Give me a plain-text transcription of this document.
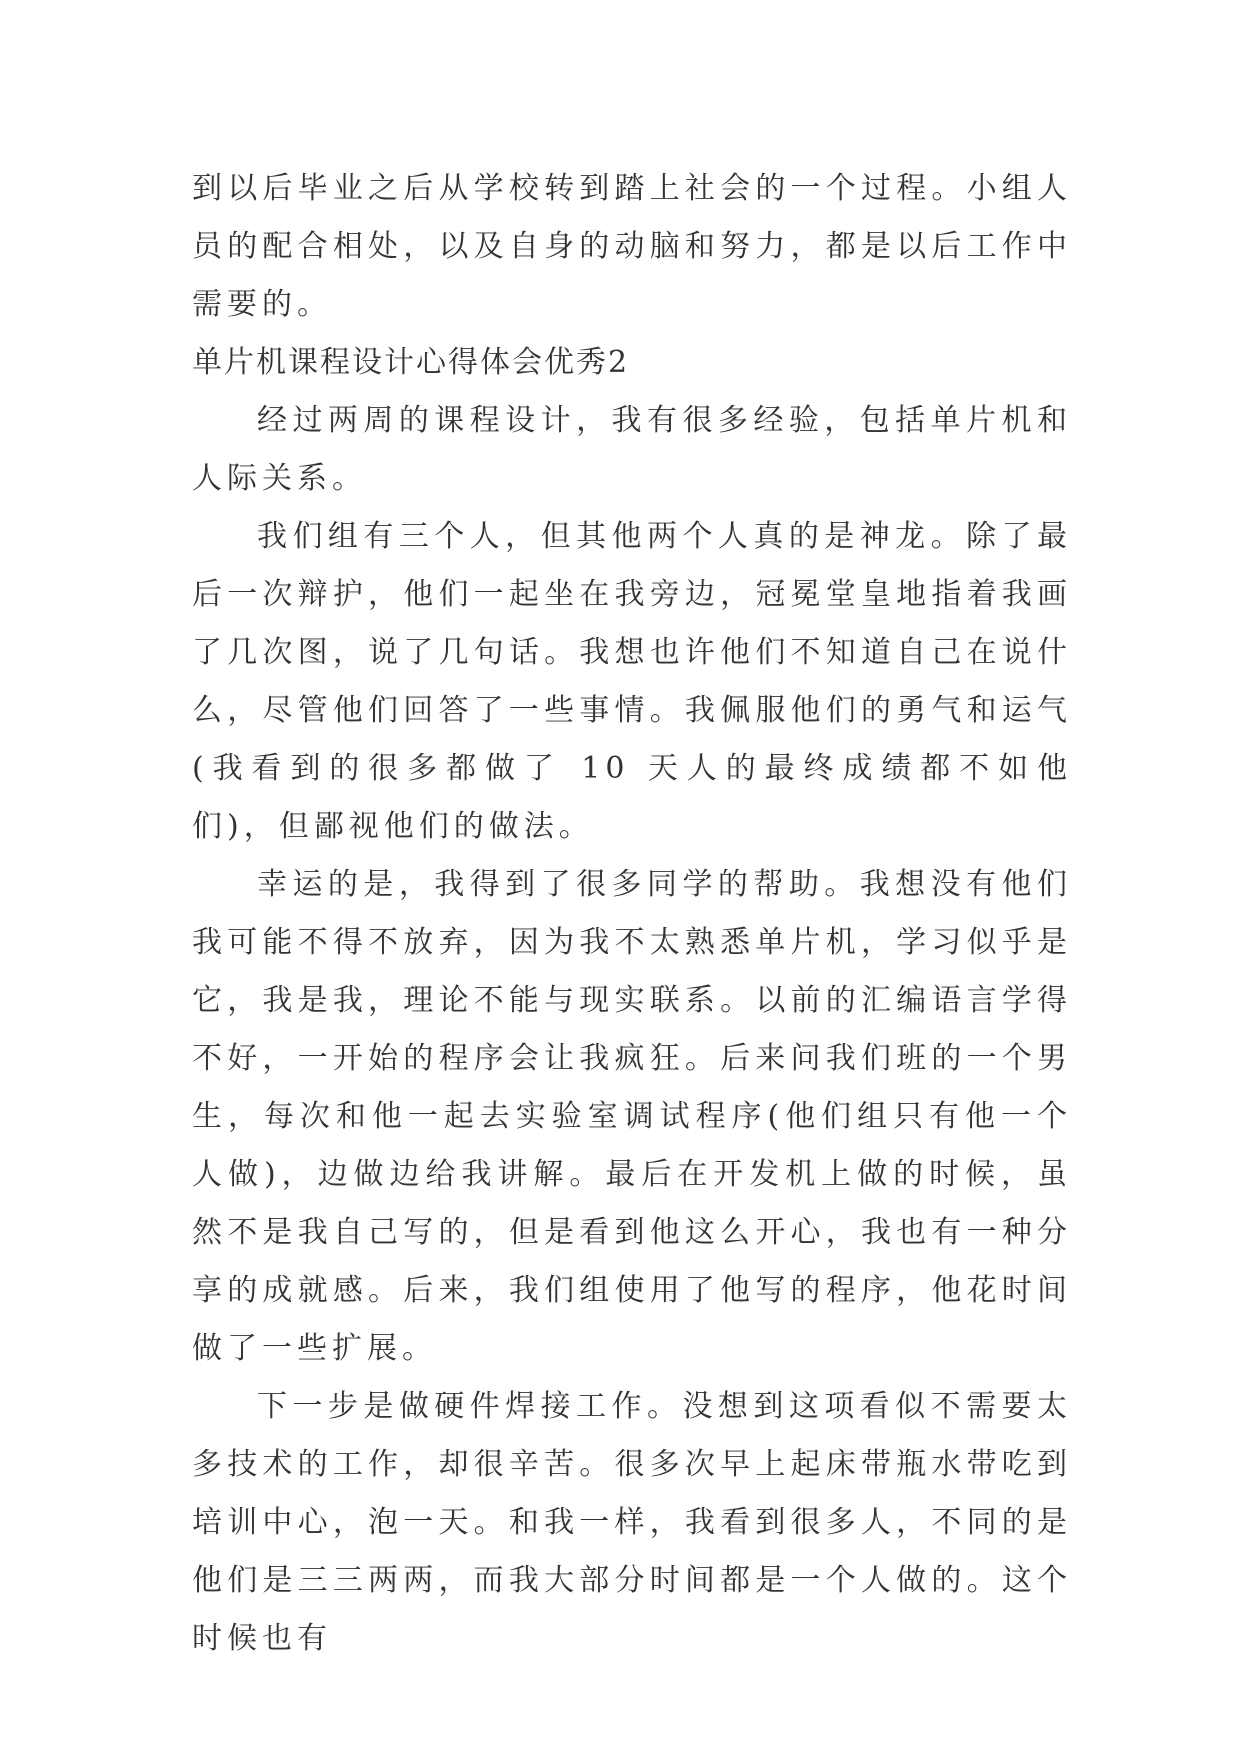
到以后毕业之后从学校转到踏上社会的一个过程。小组人员的配合相处，以及自身的动脑和努力，都是以后工作中需要的。

单片机课程设计心得体会优秀2

经过两周的课程设计，我有很多经验，包括单片机和人际关系。

我们组有三个人，但其他两个人真的是神龙。除了最后一次辩护，他们一起坐在我旁边，冠冕堂皇地指着我画了几次图，说了几句话。我想也许他们不知道自己在说什么，尽管他们回答了一些事情。我佩服他们的勇气和运气(我看到的很多都做了 10 天人的最终成绩都不如他们)，但鄙视他们的做法。

幸运的是，我得到了很多同学的帮助。我想没有他们我可能不得不放弃，因为我不太熟悉单片机，学习似乎是它，我是我，理论不能与现实联系。以前的汇编语言学得不好，一开始的程序会让我疯狂。后来问我们班的一个男生，每次和他一起去实验室调试程序(他们组只有他一个人做)，边做边给我讲解。最后在开发机上做的时候，虽然不是我自己写的，但是看到他这么开心，我也有一种分享的成就感。后来，我们组使用了他写的程序，他花时间做了一些扩展。

下一步是做硬件焊接工作。没想到这项看似不需要太多技术的工作，却很辛苦。很多次早上起床带瓶水带吃到培训中心，泡一天。和我一样，我看到很多人，不同的是他们是三三两两，而我大部分时间都是一个人做的。这个时候也有
